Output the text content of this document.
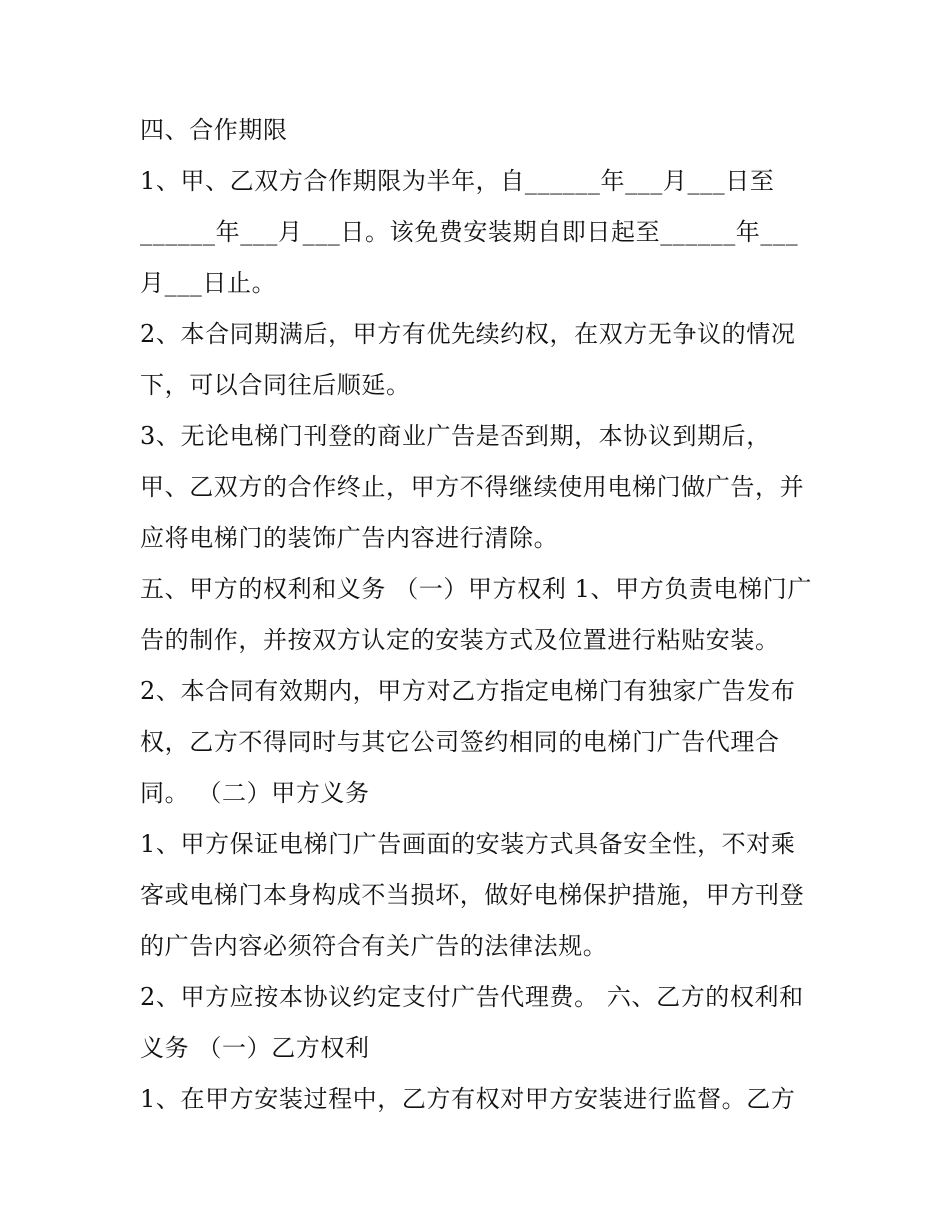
四、合作期限

1、甲、乙双方合作期限为半年，自______年___月___日至

______年___月___日。该免费安装期自即日起至______年___

月___日止。

2、本合同期满后，甲方有优先续约权，在双方无争议的情况

下，可以合同往后顺延。

3、无论电梯门刊登的商业广告是否到期，本协议到期后，

甲、乙双方的合作终止，甲方不得继续使用电梯门做广告，并

应将电梯门的装饰广告内容进行清除。

五、甲方的权利和义务 （一）甲方权利 1、甲方负责电梯门广

告的制作，并按双方认定的安装方式及位置进行粘贴安装。

2、本合同有效期内，甲方对乙方指定电梯门有独家广告发布

权，乙方不得同时与其它公司签约相同的电梯门广告代理合

同。 （二）甲方义务

1、甲方保证电梯门广告画面的安装方式具备安全性，不对乘

客或电梯门本身构成不当损坏，做好电梯保护措施，甲方刊登

的广告内容必须符合有关广告的法律法规。

2、甲方应按本协议约定支付广告代理费。 六、乙方的权利和

义务 （一）乙方权利

1、在甲方安装过程中，乙方有权对甲方安装进行监督。乙方
